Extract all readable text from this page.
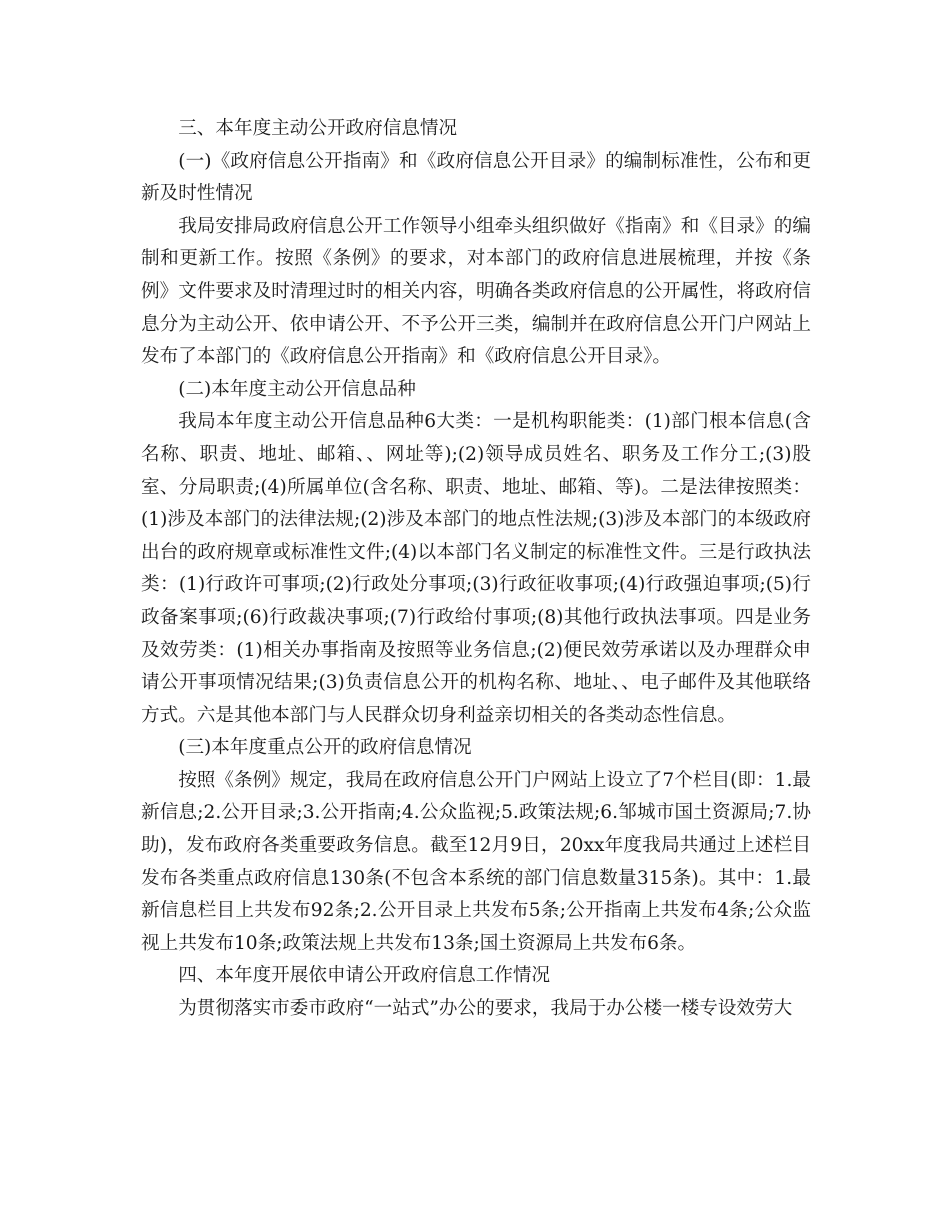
三、本年度主动公开政府信息情况

(一)《政府信息公开指南》和《政府信息公开目录》的编制标准性，公布和更新及时性情况

我局安排局政府信息公开工作领导小组牵头组织做好《指南》和《目录》的编制和更新工作。按照《条例》的要求，对本部门的政府信息进展梳理，并按《条例》文件要求及时清理过时的相关内容，明确各类政府信息的公开属性，将政府信息分为主动公开、依申请公开、不予公开三类，编制并在政府信息公开门户网站上发布了本部门的《政府信息公开指南》和《政府信息公开目录》。

(二)本年度主动公开信息品种

我局本年度主动公开信息品种6大类：一是机构职能类：(1)部门根本信息(含名称、职责、地址、邮箱、、网址等);(2)领导成员姓名、职务及工作分工;(3)股室、分局职责;(4)所属单位(含名称、职责、地址、邮箱、等)。二是法律按照类：(1)涉及本部门的法律法规;(2)涉及本部门的地点性法规;(3)涉及本部门的本级政府出台的政府规章或标准性文件;(4)以本部门名义制定的标准性文件。三是行政执法类：(1)行政许可事项;(2)行政处分事项;(3)行政征收事项;(4)行政强迫事项;(5)行政备案事项;(6)行政裁决事项;(7)行政给付事项;(8)其他行政执法事项。四是业务及效劳类：(1)相关办事指南及按照等业务信息;(2)便民效劳承诺以及办理群众申请公开事项情况结果;(3)负责信息公开的机构名称、地址、、电子邮件及其他联络方式。六是其他本部门与人民群众切身利益亲切相关的各类动态性信息。

(三)本年度重点公开的政府信息情况

按照《条例》规定，我局在政府信息公开门户网站上设立了7个栏目(即：1.最新信息;2.公开目录;3.公开指南;4.公众监视;5.政策法规;6.邹城市国土资源局;7.协助)，发布政府各类重要政务信息。截至12月9日，20xx年度我局共通过上述栏目发布各类重点政府信息130条(不包含本系统的部门信息数量315条)。其中：1.最新信息栏目上共发布92条;2.公开目录上共发布5条;公开指南上共发布4条;公众监视上共发布10条;政策法规上共发布13条;国土资源局上共发布6条。

四、本年度开展依申请公开政府信息工作情况

为贯彻落实市委市政府“一站式”办公的要求，我局于办公楼一楼专设效劳大
